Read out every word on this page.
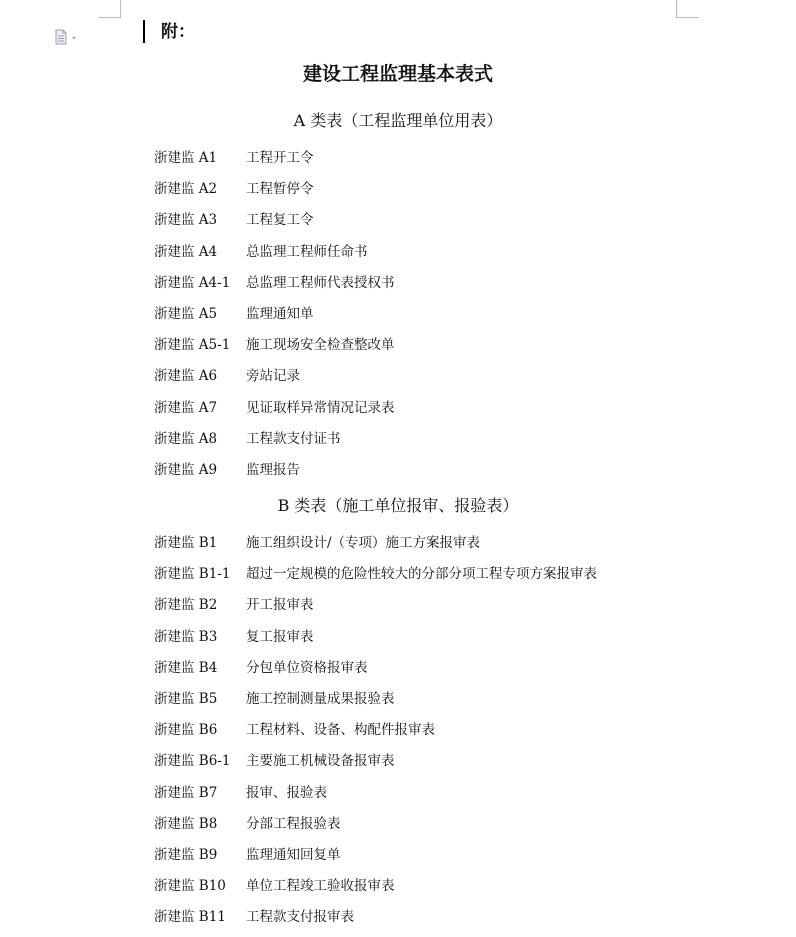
附：
建设工程监理基本表式
A 类表（工程监理单位用表）
浙建监 A1 工程开工令
浙建监 A2 工程暂停令
浙建监 A3 工程复工令
浙建监 A4 总监理工程师任命书
浙建监 A4-1 总监理工程师代表授权书
浙建监 A5 监理通知单
浙建监 A5-1 施工现场安全检查整改单
浙建监 A6 旁站记录
浙建监 A7 见证取样异常情况记录表
浙建监 A8 工程款支付证书
浙建监 A9 监理报告
B 类表（施工单位报审、报验表）
浙建监 B1 施工组织设计/（专项）施工方案报审表
浙建监 B1-1 超过一定规模的危险性较大的分部分项工程专项方案报审表
浙建监 B2 开工报审表
浙建监 B3 复工报审表
浙建监 B4 分包单位资格报审表
浙建监 B5 施工控制测量成果报验表
浙建监 B6 工程材料、设备、构配件报审表
浙建监 B6-1 主要施工机械设备报审表
浙建监 B7 报审、报验表
浙建监 B8 分部工程报验表
浙建监 B9 监理通知回复单
浙建监 B10 单位工程竣工验收报审表
浙建监 B11 工程款支付报审表
